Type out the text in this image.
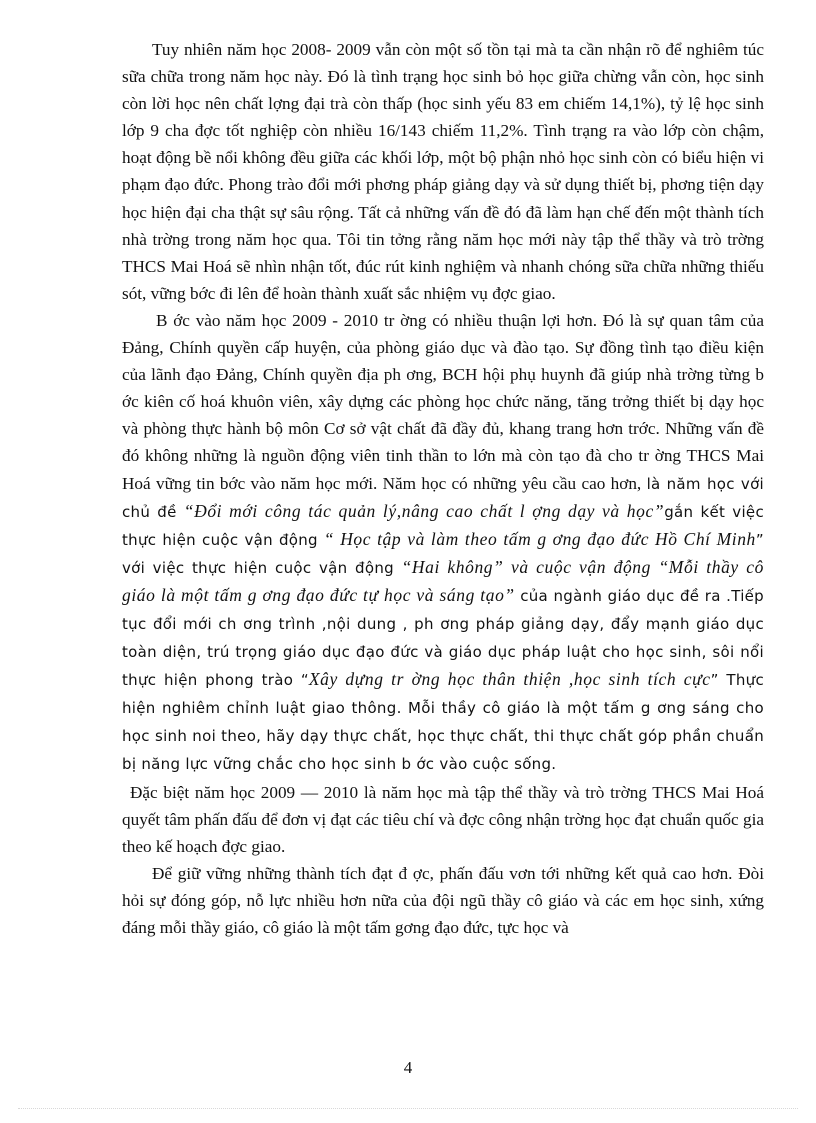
Tuy nhiên năm học 2008- 2009 vẫn còn một số tồn tại mà ta cần nhận rõ để nghiêm túc sữa chữa trong năm học này. Đó là tình trạng học sinh bỏ học giữa chừng vẫn còn, học sinh còn lời học nên chất lợng đại trà còn thấp (học sinh yếu 83 em chiếm 14,1%), tỷ lệ học sinh lớp 9 cha đợc tốt nghiệp còn nhiều 16/143 chiếm 11,2%. Tình trạng ra vào lớp còn chậm, hoạt động bề nổi không đều giữa các khối lớp, một bộ phận nhỏ học sinh còn có biểu hiện vi phạm đạo đức. Phong trào đổi mới phơng pháp giảng dạy và sử dụng thiết bị, phơng tiện dạy học hiện đại cha thật sự sâu rộng. Tất cả những vấn đề đó đã làm hạn chế đến một thành tích nhà trờng trong năm học qua. Tôi tin tởng rằng năm học mới này tập thể thầy và trò trờng THCS Mai Hoá sẽ nhìn nhận tốt, đúc rút kinh nghiệm và nhanh chóng sữa chữa những thiếu sót, vững bớc đi lên để hoàn thành xuất sắc nhiệm vụ đợc giao.

B ớc vào năm học 2009 - 2010 tr ờng có nhiều thuận lợi hơn. Đó là sự quan tâm của Đảng, Chính quyền cấp huyện, của phòng giáo dục và đào tạo. Sự đồng tình tạo điều kiện của lãnh đạo Đảng, Chính quyền địa ph ơng, BCH hội phụ huynh đã giúp nhà trờng từng b ớc kiên cố hoá khuôn viên, xây dựng các phòng học chức năng, tăng trởng thiết bị dạy học và phòng thực hành bộ môn Cơ sở vật chất đã đầy đủ, khang trang hơn trớc. Những vấn đề đó không những là nguồn động viên tinh thần to lớn mà còn tạo đà cho tr ờng THCS Mai Hoá vững tin bớc vào năm học mới. Năm học có những yêu cầu cao hơn, là năm học với chủ đề “Đổi mới công tác quản lý,nâng cao chất l ợng dạy và học”gắn kết việc thực hiện cuộc vận động “ Học tập và làm theo tấm g ơng đạo đức Hồ Chí Minh” với việc thực hiện cuộc vận động “Hai không” và cuộc vận động “Mỗi thầy cô giáo là một tấm g ơng đạo đức tự học và sáng tạo” của ngành giáo dục đề ra .Tiếp tục đổi mới ch ơng trình ,nội dung , ph ơng pháp giảng dạy, đẩy mạnh giáo dục toàn diện, trú trọng giáo dục đạo đức và giáo dục pháp luật cho học sinh, sôi nổi thực hiện phong trào “Xây dựng tr ờng học thân thiện ,học sinh tích cực” Thực hiện nghiêm chỉnh luật giao thông. Mỗi thầy cô giáo là một tấm g ơng sáng cho học sinh noi theo, hãy dạy thực chất, học thực chất, thi thực chất góp phần chuẩn bị năng lực vững chắc cho học sinh b ớc vào cuộc sống.

Đặc biệt năm học 2009 — 2010 là năm học mà tập thể thầy và trò trờng THCS Mai Hoá quyết tâm phấn đấu để đơn vị đạt các tiêu chí và đợc công nhận trờng học đạt chuẩn quốc gia theo kế hoạch đợc giao.

Để giữ vững những thành tích đạt đ ợc, phấn đấu vơn tới những kết quả cao hơn. Đòi hỏi sự đóng góp, nỗ lực nhiều hơn nữa của đội ngũ thầy cô giáo và các em học sinh, xứng đáng mỗi thầy giáo, cô giáo là một tấm gơng đạo đức, tực học và

4
